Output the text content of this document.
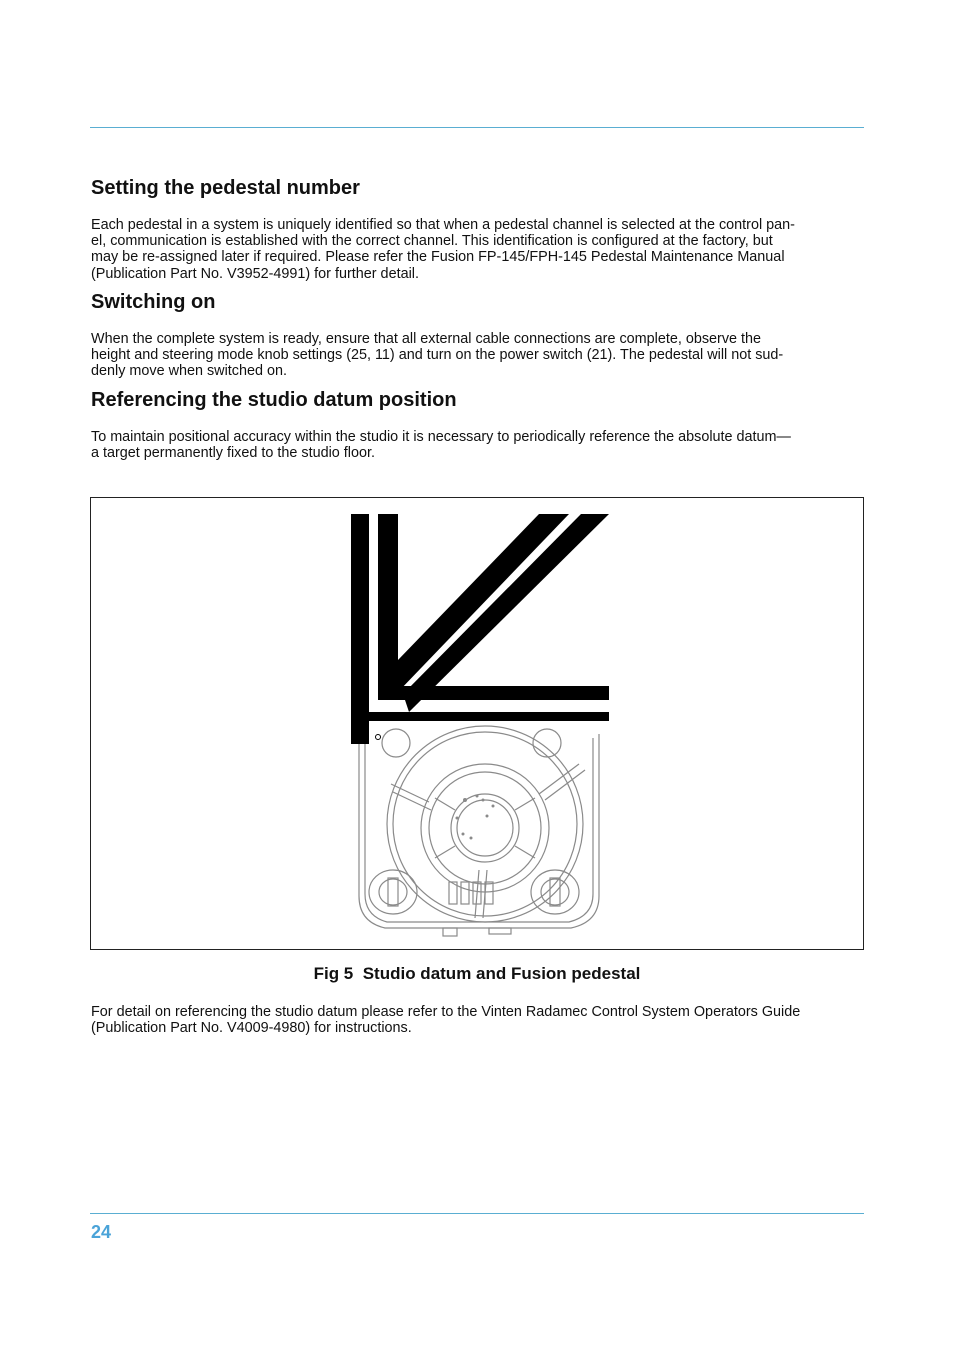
Setting the pedestal number

Each pedestal in a system is uniquely identified so that when a pedestal channel is selected at the control pan-
el, communication is established with the correct channel. This identification is configured at the factory, but
may be re-assigned later if required. Please refer the Fusion FP-145/FPH-145 Pedestal Maintenance Manual
(Publication Part No. V3952-4991) for further detail.

Switching on

When the complete system is ready, ensure that all external cable connections are complete, observe the
height and steering mode knob settings (25, 11) and turn on the power switch (21). The pedestal will not sud-
denly move when switched on.

Referencing the studio datum position

To maintain positional accuracy within the studio it is necessary to periodically reference the absolute datum—
a target permanently fixed to the studio floor.

Fig 5  Studio datum and Fusion pedestal

For detail on referencing the studio datum please refer to the Vinten Radamec Control System Operators Guide
(Publication Part No. V4009-4980) for instructions.

24
